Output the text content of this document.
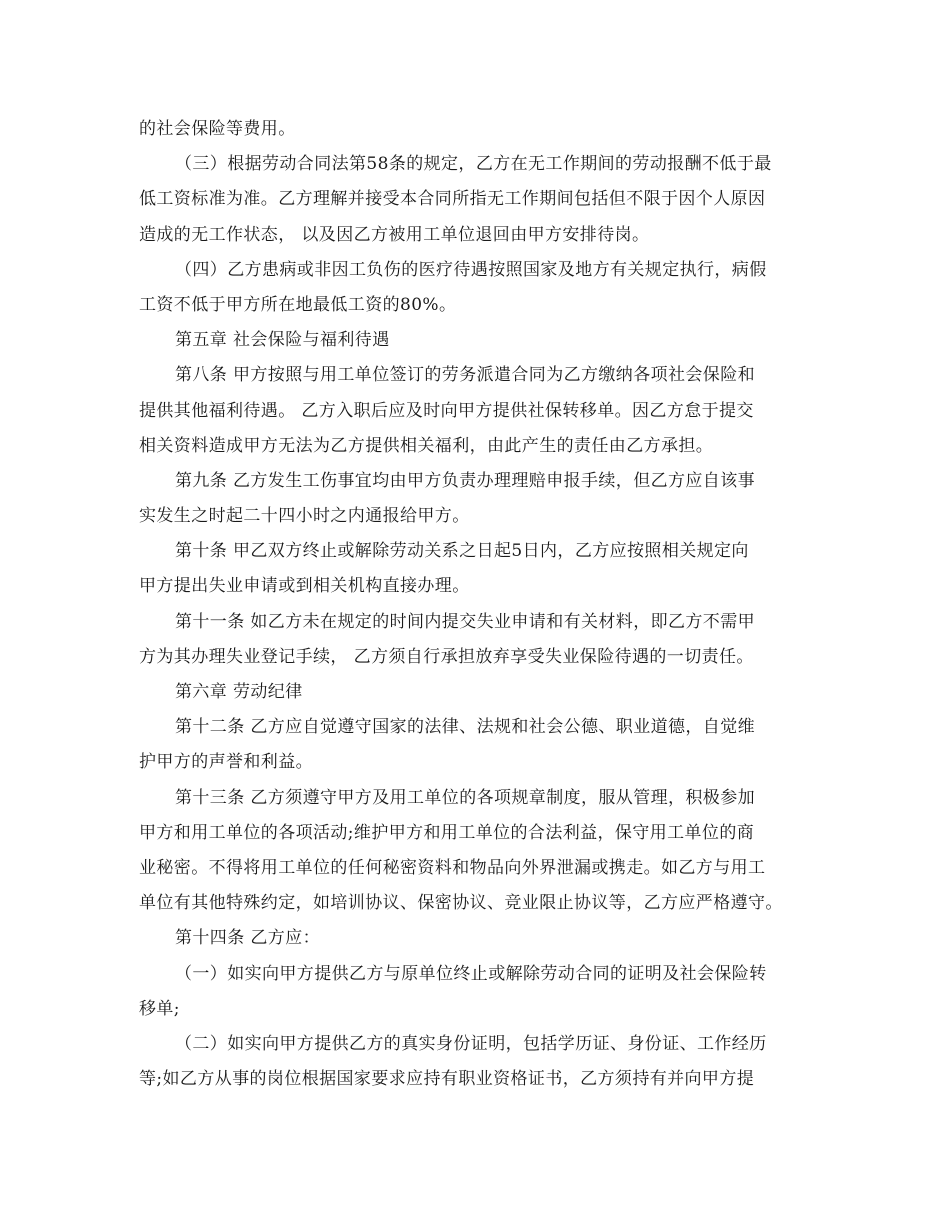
的社会保险等费用。
（三）根据劳动合同法第58条的规定，乙方在无工作期间的劳动报酬不低于最
低工资标准为准。乙方理解并接受本合同所指无工作期间包括但不限于因个人原因
造成的无工作状态， 以及因乙方被用工单位退回由甲方安排待岗。
（四）乙方患病或非因工负伤的医疗待遇按照国家及地方有关规定执行，病假
工资不低于甲方所在地最低工资的80%。
第五章 社会保险与福利待遇
第八条 甲方按照与用工单位签订的劳务派遣合同为乙方缴纳各项社会保险和
提供其他福利待遇。 乙方入职后应及时向甲方提供社保转移单。因乙方怠于提交
相关资料造成甲方无法为乙方提供相关福利，由此产生的责任由乙方承担。
第九条 乙方发生工伤事宜均由甲方负责办理理赔申报手续，但乙方应自该事
实发生之时起二十四小时之内通报给甲方。
第十条 甲乙双方终止或解除劳动关系之日起5日内，乙方应按照相关规定向
甲方提出失业申请或到相关机构直接办理。
第十一条 如乙方未在规定的时间内提交失业申请和有关材料，即乙方不需甲
方为其办理失业登记手续， 乙方须自行承担放弃享受失业保险待遇的一切责任。
第六章 劳动纪律
第十二条 乙方应自觉遵守国家的法律、法规和社会公德、职业道德，自觉维
护甲方的声誉和利益。
第十三条 乙方须遵守甲方及用工单位的各项规章制度，服从管理，积极参加
甲方和用工单位的各项活动;维护甲方和用工单位的合法利益，保守用工单位的商
业秘密。不得将用工单位的任何秘密资料和物品向外界泄漏或携走。如乙方与用工
单位有其他特殊约定，如培训协议、保密协议、竞业限止协议等，乙方应严格遵守。
第十四条 乙方应：
（一）如实向甲方提供乙方与原单位终止或解除劳动合同的证明及社会保险转
移单;
（二）如实向甲方提供乙方的真实身份证明，包括学历证、身份证、工作经历
等;如乙方从事的岗位根据国家要求应持有职业资格证书，乙方须持有并向甲方提
